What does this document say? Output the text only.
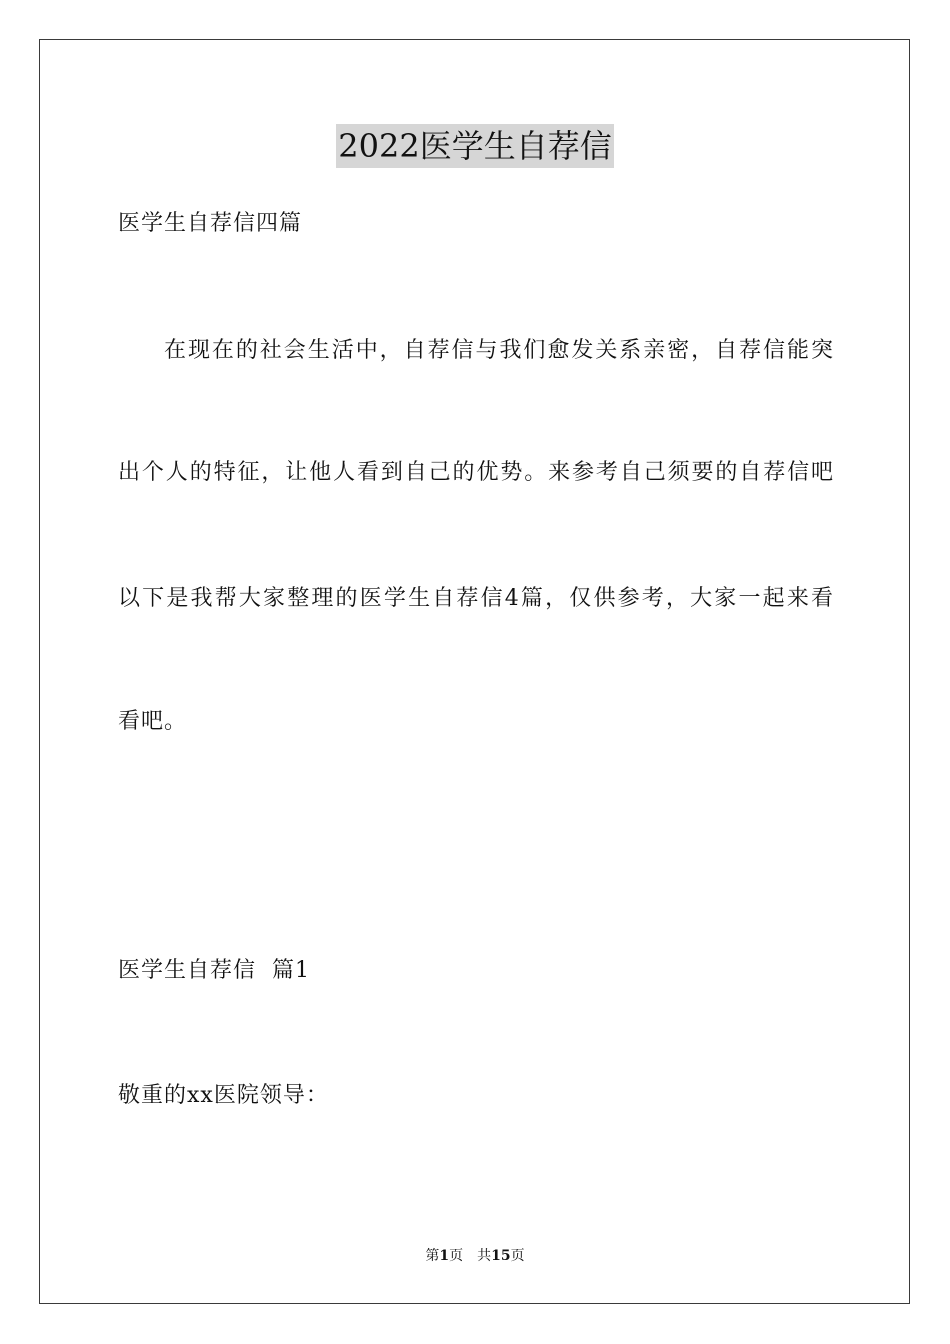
2022医学生自荐信
医学生自荐信四篇
在现在的社会生活中，自荐信与我们愈发关系亲密，自荐信能突
出个人的特征，让他人看到自己的优势。来参考自己须要的自荐信吧
以下是我帮大家整理的医学生自荐信4篇，仅供参考，大家一起来看
看吧。
医学生自荐信  篇1
敬重的xx医院领导：
第1页 共15页
